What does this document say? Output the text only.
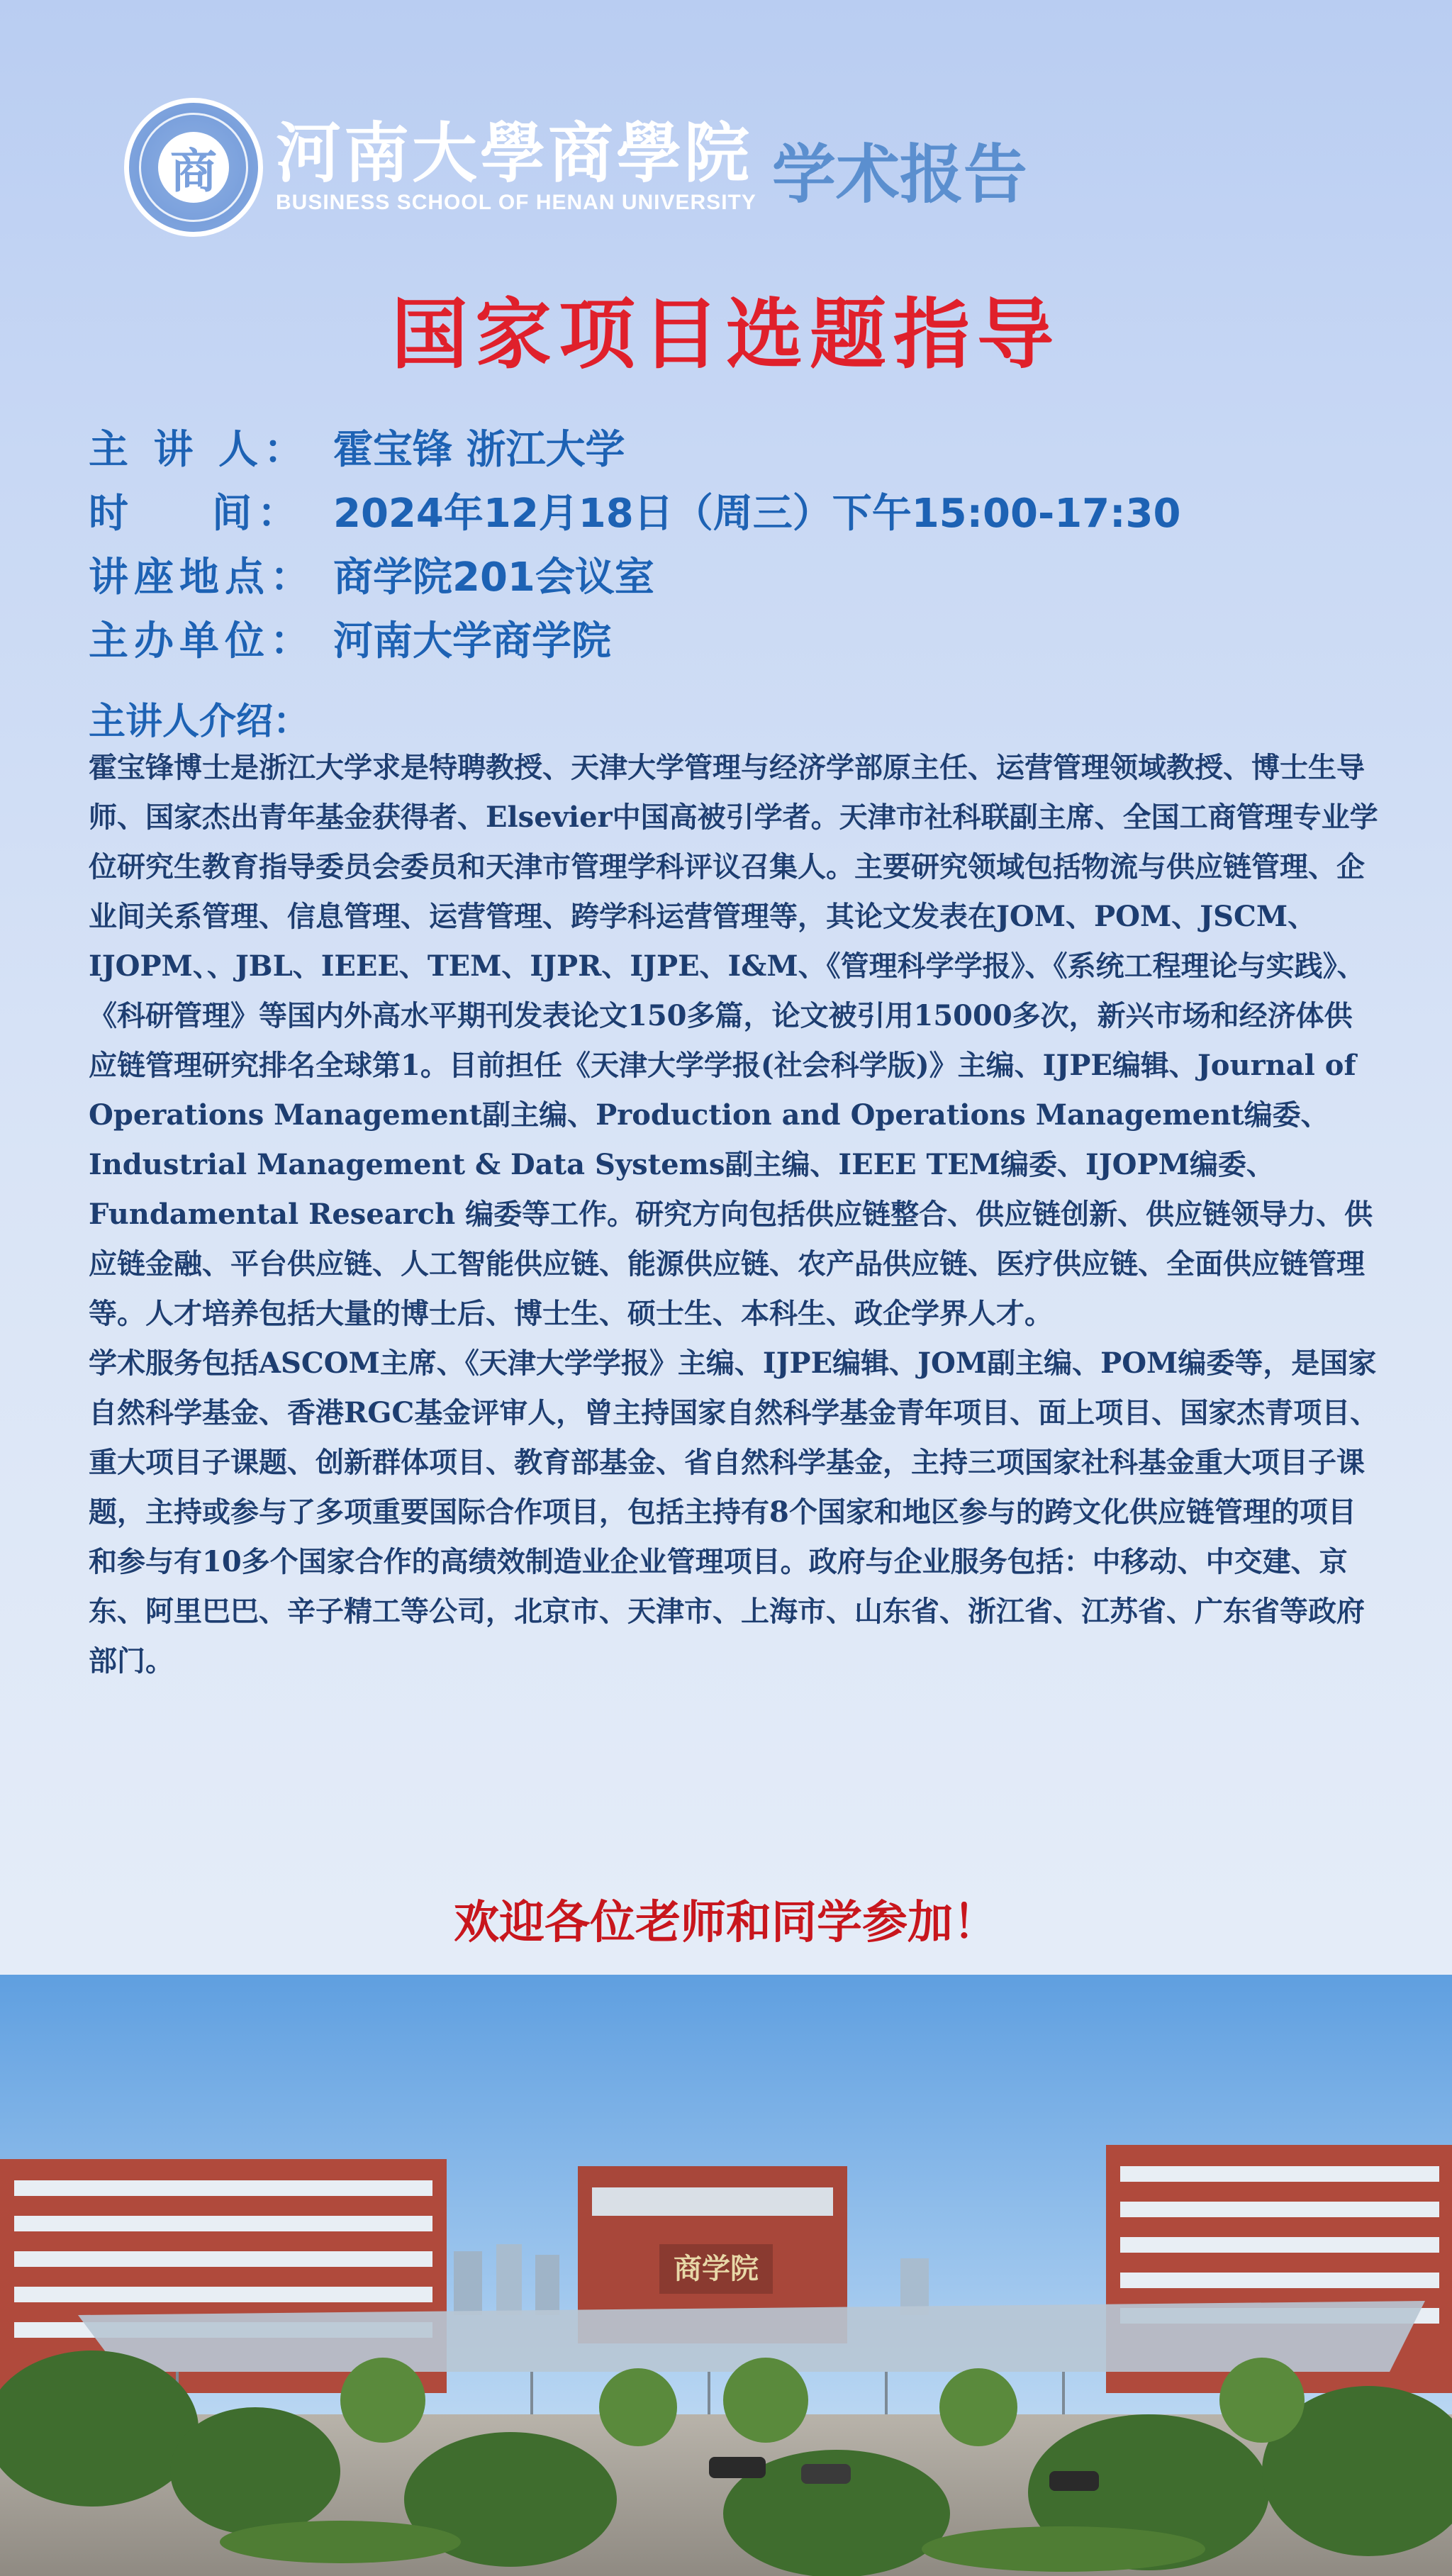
商 河南大學商學院
BUSINESS SCHOOL OF HENAN UNIVERSITY 学术报告
国家项目选题指导
主 讲 人： 霍宝锋 浙江大学
时    间： 2024年12月18日（周三）下午15:00-17:30
讲座地点： 商学院201会议室
主办单位： 河南大学商学院
主讲人介绍：

霍宝锋博士是浙江大学求是特聘教授、天津大学管理与经济学部原主任、运营管理领域教授、博士生导师、国家杰出青年基金获得者、Elsevier中国高被引学者。天津市社科联副主席、全国工商管理专业学位研究生教育指导委员会委员和天津市管理学科评议召集人。主要研究领域包括物流与供应链管理、企业间关系管理、信息管理、运营管理、跨学科运营管理等，其论文发表在JOM、POM、JSCM、IJOPM、、JBL、IEEE、TEM、IJPR、IJPE、I&M、《管理科学学报》、《系统工程理论与实践》、《科研管理》等国内外高水平期刊发表论文150多篇，论文被引用15000多次，新兴市场和经济体供应链管理研究排名全球第1。目前担任《天津大学学报(社会科学版)》主编、IJPE编辑、Journal of Operations Management副主编、Production and Operations Management编委、Industrial Management & Data Systems副主编、IEEE TEM编委、IJOPM编委、Fundamental Research 编委等工作。研究方向包括供应链整合、供应链创新、供应链领导力、供应链金融、平台供应链、人工智能供应链、能源供应链、农产品供应链、医疗供应链、全面供应链管理等。人才培养包括大量的博士后、博士生、硕士生、本科生、政企学界人才。

学术服务包括ASCOM主席、《天津大学学报》主编、IJPE编辑、JOM副主编、POM编委等，是国家自然科学基金、香港RGC基金评审人，曾主持国家自然科学基金青年项目、面上项目、国家杰青项目、重大项目子课题、创新群体项目、教育部基金、省自然科学基金，主持三项国家社科基金重大项目子课题，主持或参与了多项重要国际合作项目，包括主持有8个国家和地区参与的跨文化供应链管理的项目和参与有10多个国家合作的高绩效制造业企业管理项目。政府与企业服务包括：中移动、中交建、京东、阿里巴巴、辛子精工等公司，北京市、天津市、上海市、山东省、浙江省、江苏省、广东省等政府部门。

欢迎各位老师和同学参加！
商学院
